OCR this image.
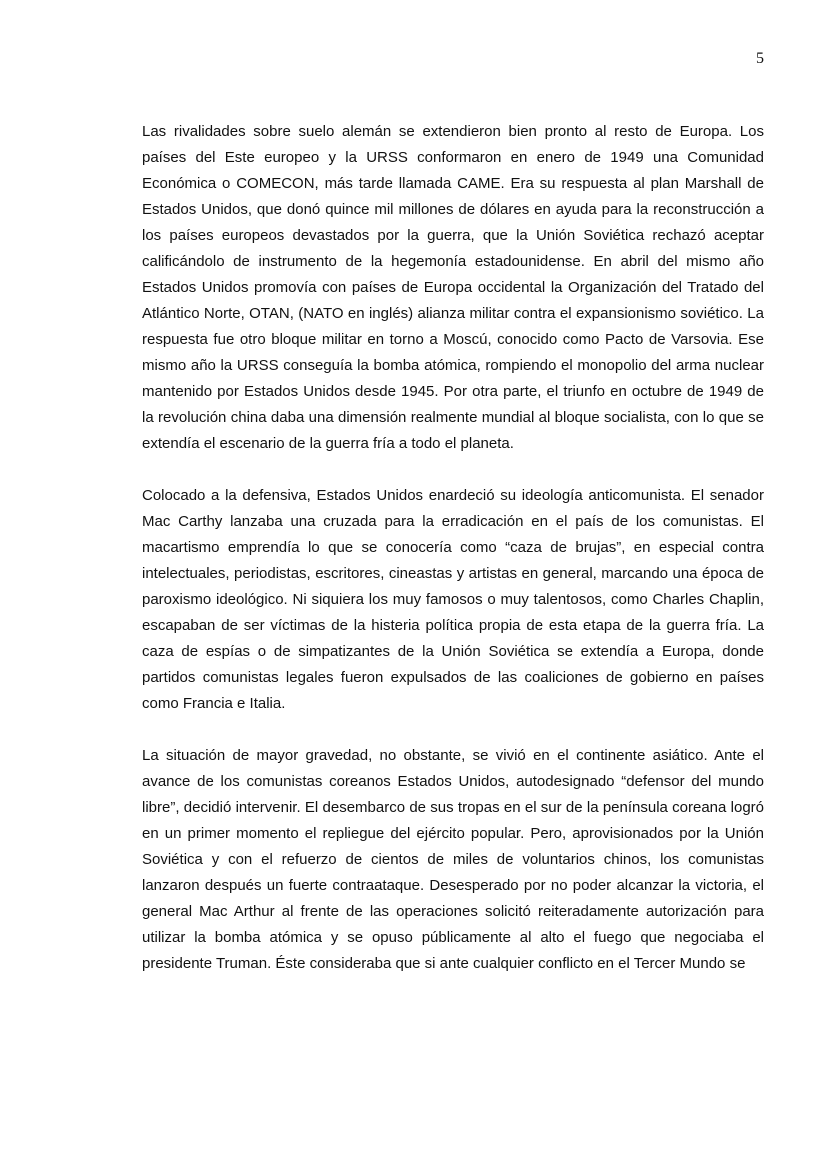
5

Las rivalidades sobre suelo alemán se extendieron bien pronto al resto de Europa. Los países del Este europeo y la URSS conformaron en enero de 1949 una Comunidad Económica o COMECON, más tarde llamada CAME. Era su respuesta al plan Marshall de Estados Unidos, que donó quince mil millones de dólares en ayuda para la reconstrucción a los países europeos devastados por la guerra, que la Unión Soviética rechazó aceptar calificándolo de instrumento de la hegemonía estadounidense. En abril del mismo año Estados Unidos promovía con países de Europa occidental la Organización del Tratado del Atlántico Norte, OTAN, (NATO en inglés) alianza militar contra el expansionismo soviético. La respuesta fue otro bloque militar en torno a Moscú, conocido como Pacto de Varsovia. Ese mismo año la URSS conseguía la bomba atómica, rompiendo el monopolio del arma nuclear mantenido por Estados Unidos desde 1945. Por otra parte, el triunfo en octubre de 1949 de la revolución china daba una dimensión realmente mundial al bloque socialista, con lo que se extendía el escenario de la guerra fría a todo el planeta.

Colocado a la defensiva, Estados Unidos enardeció su ideología anticomunista. El senador Mac Carthy lanzaba una cruzada para la erradicación en el país de los comunistas. El macartismo emprendía lo que se conocería como “caza de brujas”, en especial contra intelectuales, periodistas, escritores, cineastas y artistas en general, marcando una época de paroxismo ideológico. Ni siquiera los muy famosos o muy talentosos, como Charles Chaplin, escapaban de ser víctimas de la histeria política propia de esta etapa de la guerra fría. La caza de espías o de simpatizantes de la Unión Soviética se extendía a Europa, donde partidos comunistas legales fueron expulsados de las coaliciones de gobierno en países como Francia e Italia.

La situación de mayor gravedad, no obstante, se vivió en el continente asiático. Ante el avance de los comunistas coreanos Estados Unidos, autodesignado “defensor del mundo libre”, decidió intervenir. El desembarco de sus tropas en el sur de la península coreana logró en un primer momento el repliegue del ejército popular. Pero, aprovisionados por la Unión Soviética y con el refuerzo de cientos de miles de voluntarios chinos, los comunistas lanzaron después un fuerte contraataque. Desesperado por no poder alcanzar la victoria, el general Mac Arthur al frente de las operaciones solicitó reiteradamente autorización para utilizar la bomba atómica y se opuso públicamente al alto el fuego que negociaba el presidente Truman. Éste consideraba que si ante cualquier conflicto en el Tercer Mundo se
